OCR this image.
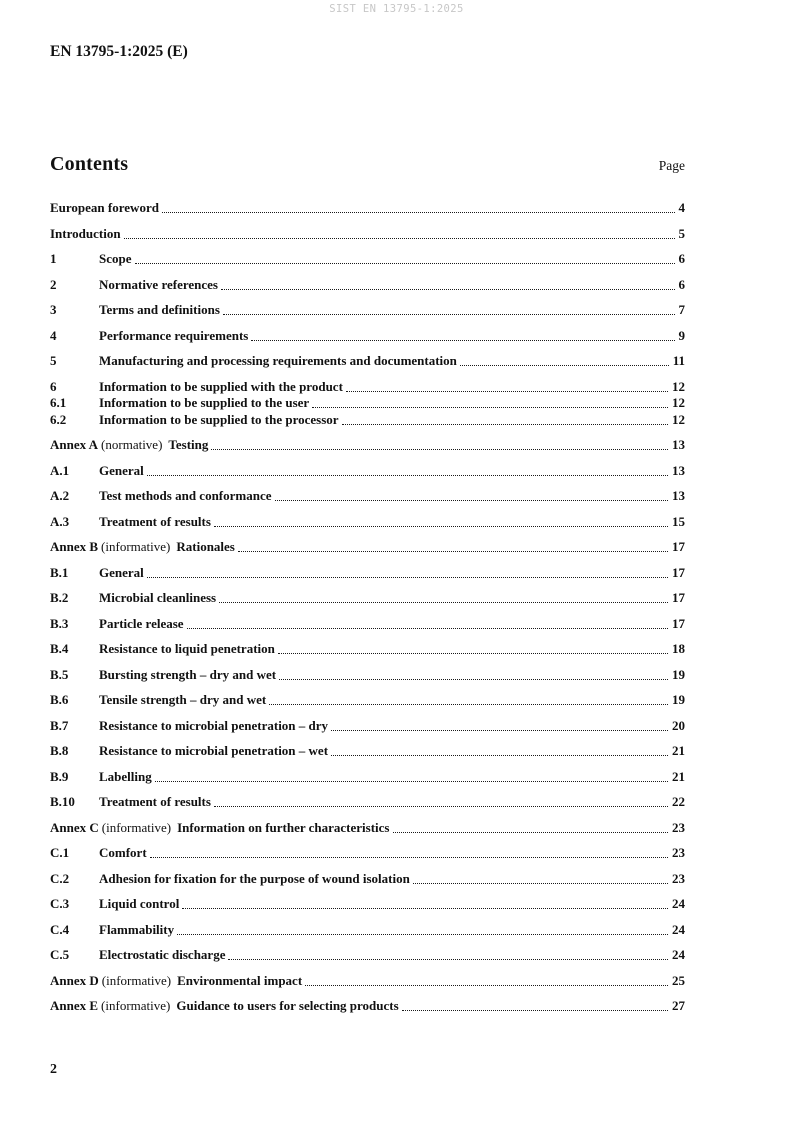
SIST EN 13795-1:2025
EN 13795-1:2025 (E)
Contents	Page
European foreword	4
Introduction	5
1	Scope	6
2	Normative references	6
3	Terms and definitions	7
4	Performance requirements	9
5	Manufacturing and processing requirements and documentation	11
6	Information to be supplied with the product	12
6.1	Information to be supplied to the user	12
6.2	Information to be supplied to the processor	12
Annex A (normative) Testing	13
A.1	General	13
A.2	Test methods and conformance	13
A.3	Treatment of results	15
Annex B (informative) Rationales	17
B.1	General	17
B.2	Microbial cleanliness	17
B.3	Particle release	17
B.4	Resistance to liquid penetration	18
B.5	Bursting strength – dry and wet	19
B.6	Tensile strength – dry and wet	19
B.7	Resistance to microbial penetration – dry	20
B.8	Resistance to microbial penetration – wet	21
B.9	Labelling	21
B.10	Treatment of results	22
Annex C (informative) Information on further characteristics	23
C.1	Comfort	23
C.2	Adhesion for fixation for the purpose of wound isolation	23
C.3	Liquid control	24
C.4	Flammability	24
C.5	Electrostatic discharge	24
Annex D (informative) Environmental impact	25
Annex E (informative) Guidance to users for selecting products	27
2
